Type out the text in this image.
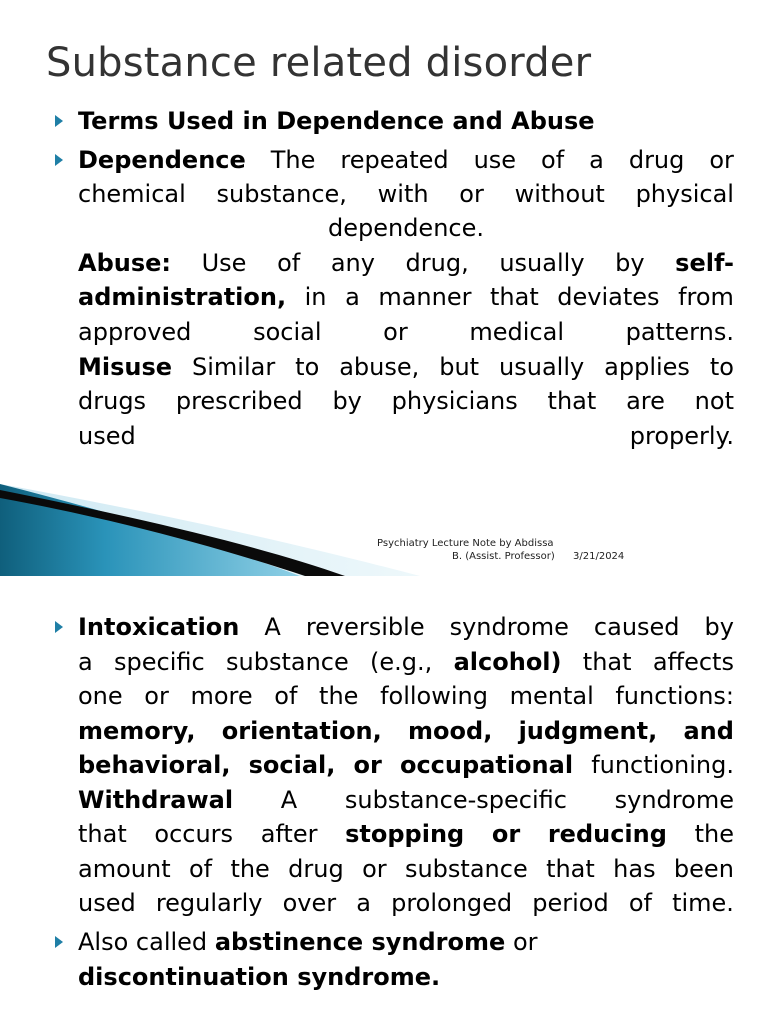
Substance related disorder
Terms Used in Dependence and Abuse
Dependence The repeated use of a drug or
chemical substance, with or without physical
dependence.
Abuse: Use of any drug, usually by self-
administration, in a manner that deviates from
approved	social	or	medical	patterns.
Misuse Similar to abuse, but usually applies to
drugs prescribed by physicians that are not
used	properly.
Psychiatry Lecture Note by Abdissa
B. (Assist. Professor) 3/21/2024
Intoxication A reversible syndrome caused by
a specific substance (e.g., alcohol) that affects
one or more of the following mental functions:
memory, orientation, mood, judgment, and
behavioral, social, or occupational functioning.
Withdrawal A substance-specific syndrome
that occurs after stopping or reducing the
amount of the drug or substance that has been
used regularly over a prolonged period of time.
Also called abstinence syndrome or
discontinuation syndrome.
